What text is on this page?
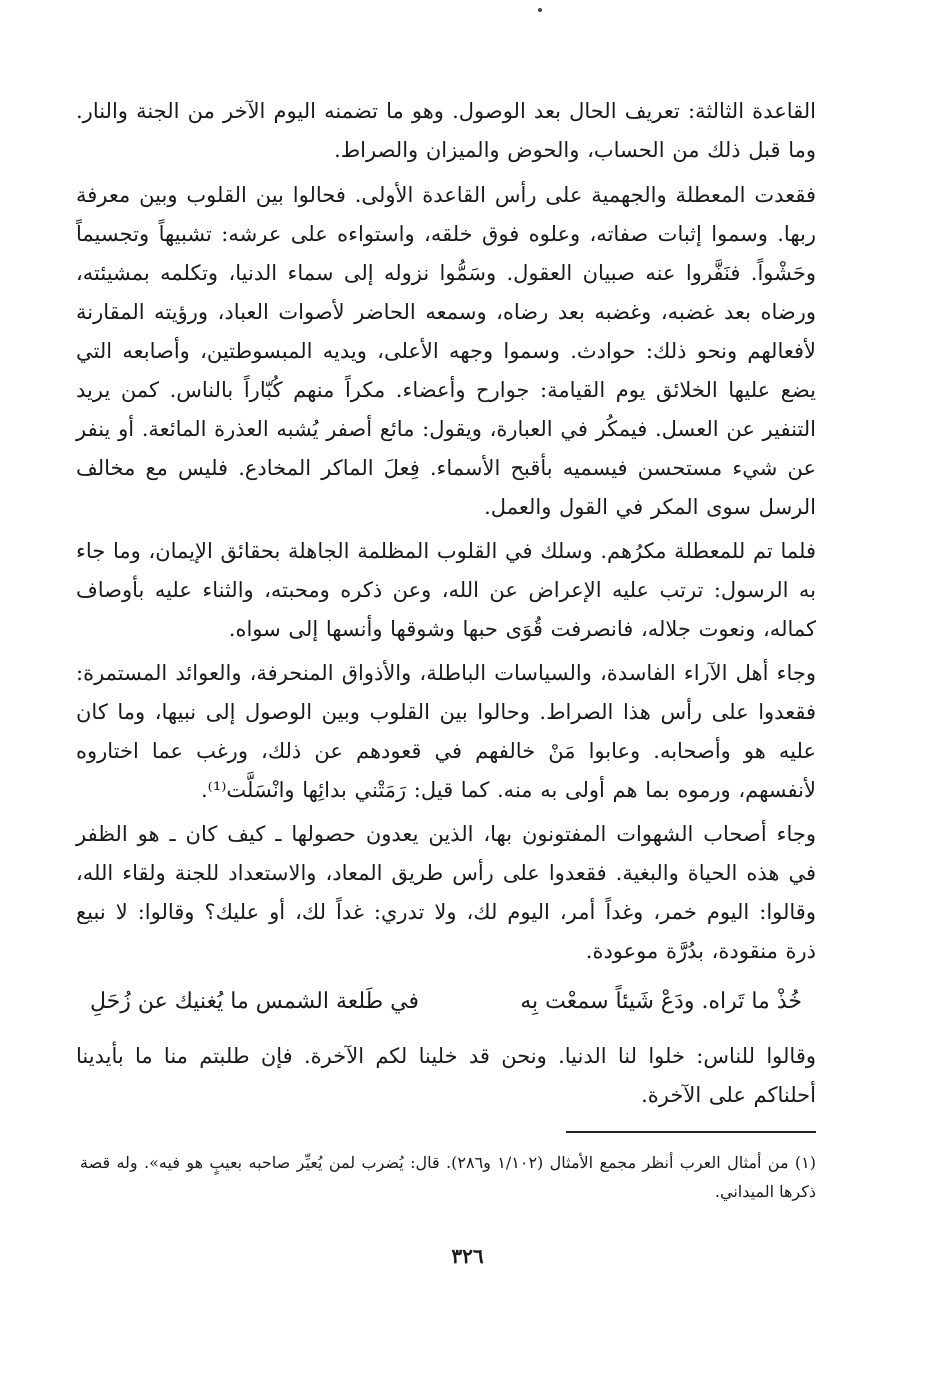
القاعدة الثالثة: تعريف الحال بعد الوصول. وهو ما تضمنه اليوم الآخر من الجنة والنار. وما قبل ذلك من الحساب، والحوض والميزان والصراط.

فقعدت المعطلة والجهمية على رأس القاعدة الأولى. فحالوا بين القلوب وبين معرفة ربها. وسموا إثبات صفاته، وعلوه فوق خلقه، واستواءه على عرشه: تشبيهاً وتجسيماً وحَشْواً. فنَفَّروا عنه صبيان العقول. وسَمُّوا نزوله إلى سماء الدنيا، وتكلمه بمشيئته، ورضاه بعد غضبه، وغضبه بعد رضاه، وسمعه الحاضر لأصوات العباد، ورؤيته المقارنة لأفعالهم ونحو ذلك: حوادث. وسموا وجهه الأعلى، ويديه المبسوطتين، وأصابعه التي يضع عليها الخلائق يوم القيامة: جوارح وأعضاء. مكراً منهم كُبّاراً بالناس. كمن يريد التنفير عن العسل. فيمكُر في العبارة، ويقول: مائع أصفر يُشبه العذرة المائعة. أو ينفر عن شيء مستحسن فيسميه بأقبح الأسماء. فِعلَ الماكر المخادع. فليس مع مخالف الرسل سوى المكر في القول والعمل.

فلما تم للمعطلة مكرُهم. وسلك في القلوب المظلمة الجاهلة بحقائق الإيمان، وما جاء به الرسول: ترتب عليه الإعراض عن الله، وعن ذكره ومحبته، والثناء عليه بأوصاف كماله، ونعوت جلاله، فانصرفت قُوَى حبها وشوقها وأنسها إلى سواه.

وجاء أهل الآراء الفاسدة، والسياسات الباطلة، والأذواق المنحرفة، والعوائد المستمرة: فقعدوا على رأس هذا الصراط. وحالوا بين القلوب وبين الوصول إلى نبيها، وما كان عليه هو وأصحابه. وعابوا مَنْ خالفهم في قعودهم عن ذلك، ورغب عما اختاروه لأنفسهم، ورموه بما هم أولى به منه. كما قيل: رَمَتْني بدائِها وانْسَلَّت⁽¹⁾.

وجاء أصحاب الشهوات المفتونون بها، الذين يعدون حصولها ـ كيف كان ـ هو الظفر في هذه الحياة والبغية. فقعدوا على رأس طريق المعاد، والاستعداد للجنة ولقاء الله، وقالوا: اليوم خمر، وغداً أمر، اليوم لك، ولا تدري: غداً لك، أو عليك؟ وقالوا: لا نبيع ذرة منقودة، بدُرَّة موعودة.

خُذْ ما تَراه. ودَعْ شَيئاً سمعْت بِه
في طَلعة الشمس ما يُغنيك عن زُحَلِ

وقالوا للناس: خلوا لنا الدنيا. ونحن قد خلينا لكم الآخرة. فإن طلبتم منا ما بأيدينا أحلناكم على الآخرة.

(١) من أمثال العرب أنظر مجمع الأمثال (١/١٠٢ و٢٨٦). قال: يُضرب لمن يُعيِّر صاحبه بعيبٍ هو فيه». وله قصة ذكرها الميداني.

٣٢٦
